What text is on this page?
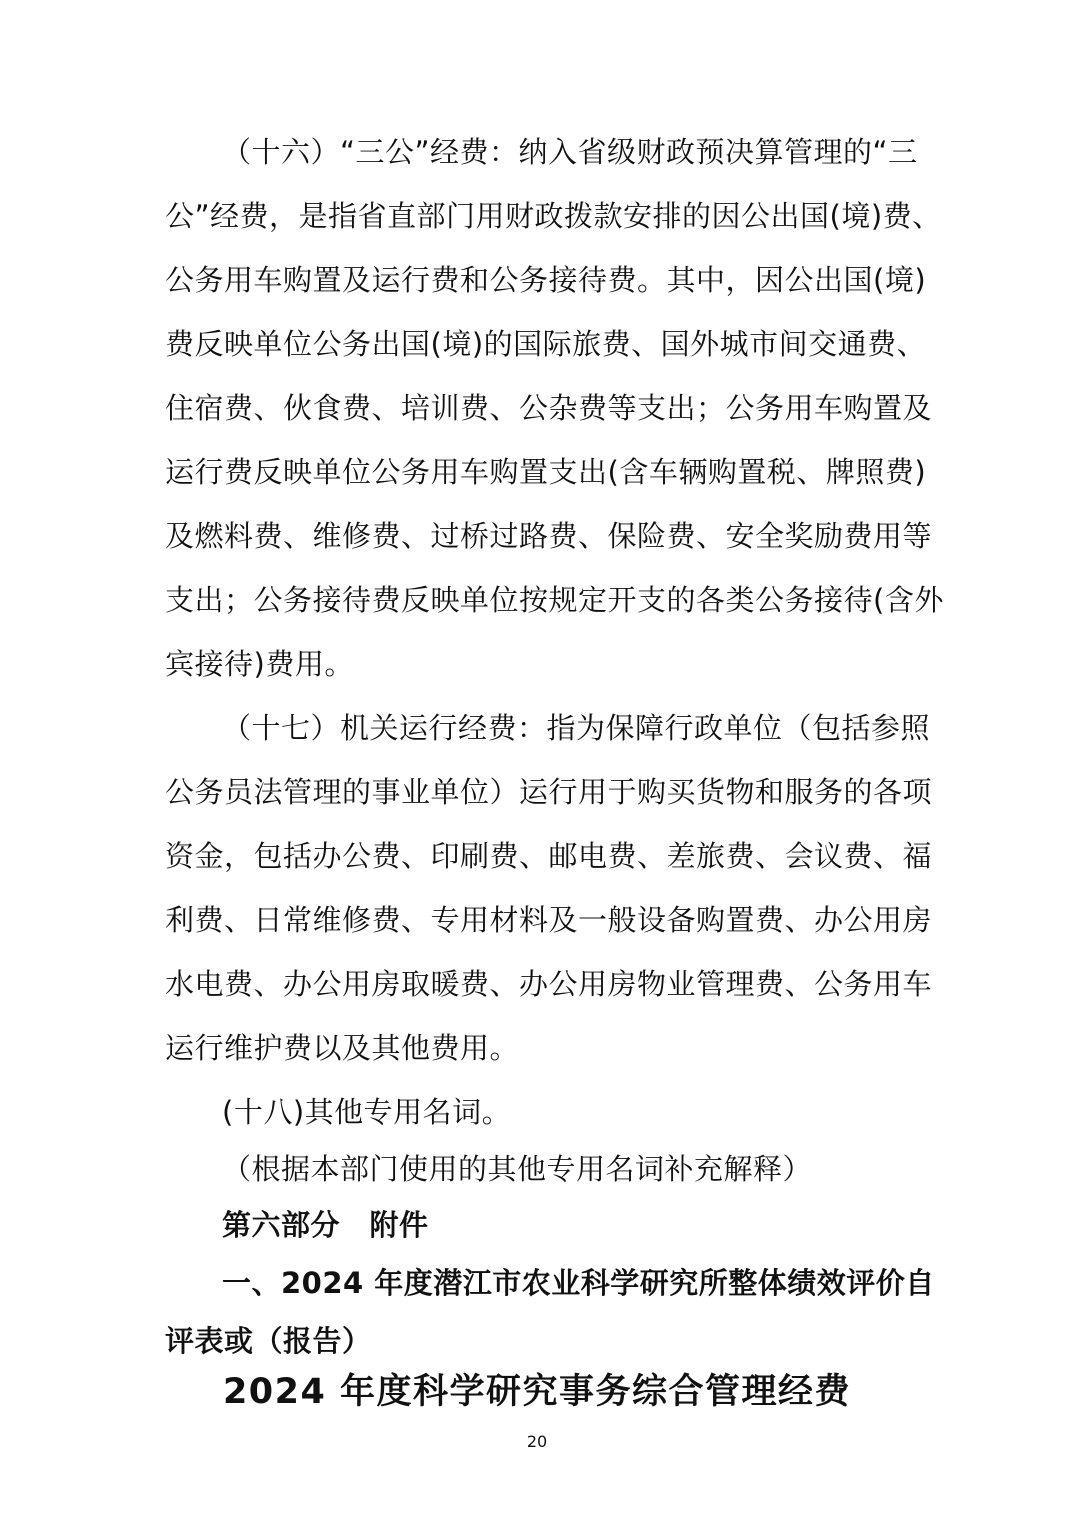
（十六）“三公”经费：纳入省级财政预决算管理的“三
公”经费，是指省直部门用财政拨款安排的因公出国(境)费、
公务用车购置及运行费和公务接待费。其中，因公出国(境)
费反映单位公务出国(境)的国际旅费、国外城市间交通费、
住宿费、伙食费、培训费、公杂费等支出；公务用车购置及
运行费反映单位公务用车购置支出(含车辆购置税、牌照费)
及燃料费、维修费、过桥过路费、保险费、安全奖励费用等
支出；公务接待费反映单位按规定开支的各类公务接待(含外
宾接待)费用。
（十七）机关运行经费：指为保障行政单位（包括参照
公务员法管理的事业单位）运行用于购买货物和服务的各项
资金，包括办公费、印刷费、邮电费、差旅费、会议费、福
利费、日常维修费、专用材料及一般设备购置费、办公用房
水电费、办公用房取暖费、办公用房物业管理费、公务用车
运行维护费以及其他费用。
(十八)其他专用名词。
（根据本部门使用的其他专用名词补充解释）
第六部分　附件
一、2024 年度潜江市农业科学研究所整体绩效评价自
评表或（报告）
2024 年度科学研究事务综合管理经费
20
